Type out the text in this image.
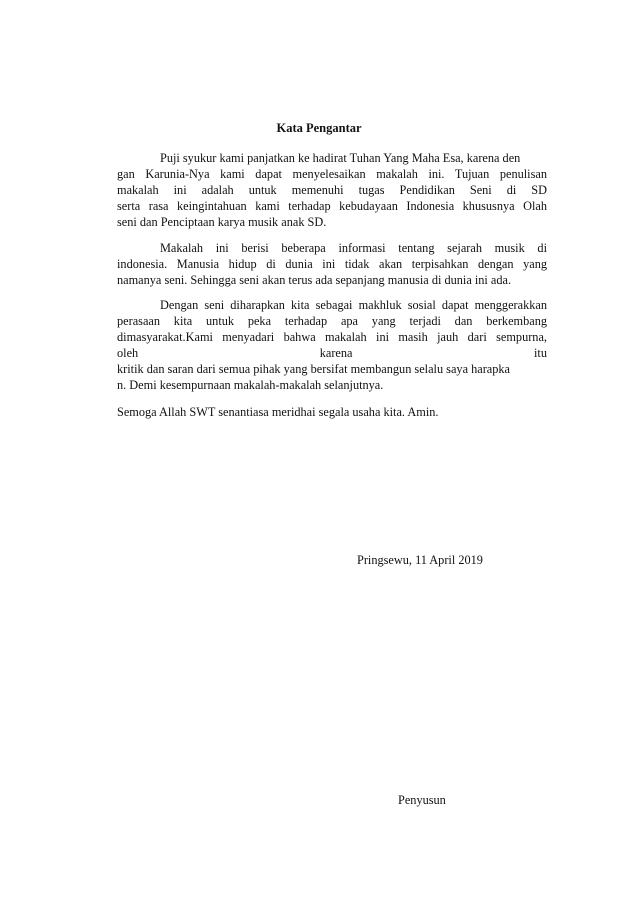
Kata Pengantar
Puji syukur kami panjatkan ke hadirat Tuhan Yang Maha Esa, karena den
gan Karunia-Nya kami dapat menyelesaikan makalah ini. Tujuan penulisan
makalah ini adalah untuk memenuhi tugas Pendidikan Seni di SD
serta rasa keingintahuan kami terhadap kebudayaan Indonesia khususnya Olah
seni dan Penciptaan karya musik anak SD.
Makalah ini berisi beberapa informasi tentang sejarah musik di
indonesia. Manusia hidup di dunia ini tidak akan terpisahkan dengan yang
namanya seni. Sehingga seni akan terus ada sepanjang manusia di dunia ini ada.
Dengan seni diharapkan kita sebagai makhluk sosial dapat menggerakkan
perasaan kita untuk peka terhadap apa yang terjadi dan berkembang
dimasyarakat.Kami menyadari bahwa makalah ini masih jauh dari sempurna,
oleh karena itu
kritik dan saran dari semua pihak yang bersifat membangun selalu saya harapka
n. Demi kesempurnaan makalah-makalah selanjutnya.
Semoga Allah SWT senantiasa meridhai segala usaha kita. Amin.
Pringsewu, 11 April 2019
Penyusun
